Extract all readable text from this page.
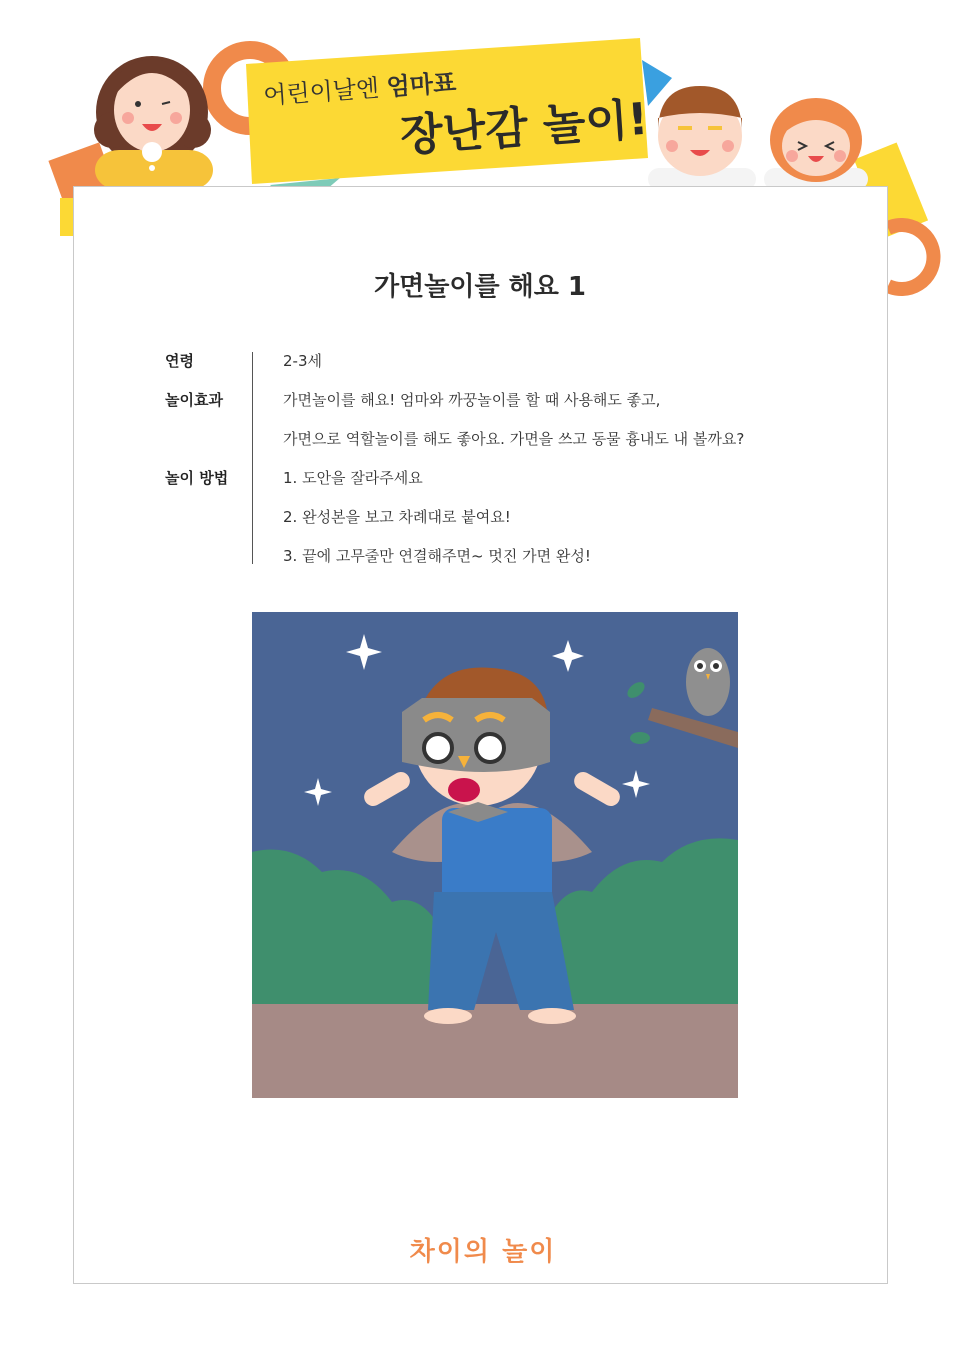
어린이날엔 엄마표
장난감 놀이!
가면놀이를 해요 1
연령	2-3세
놀이효과	가면놀이를 해요! 엄마와 까꿍놀이를 할 때 사용해도 좋고,
가면으로 역할놀이를 해도 좋아요. 가면을 쓰고 동물 흉내도 내 볼까요?
놀이 방법	1. 도안을 잘라주세요
2. 완성본을 보고 차례대로 붙여요!
3. 끝에 고무줄만 연결해주면~ 멋진 가면 완성!
차이의 놀이
